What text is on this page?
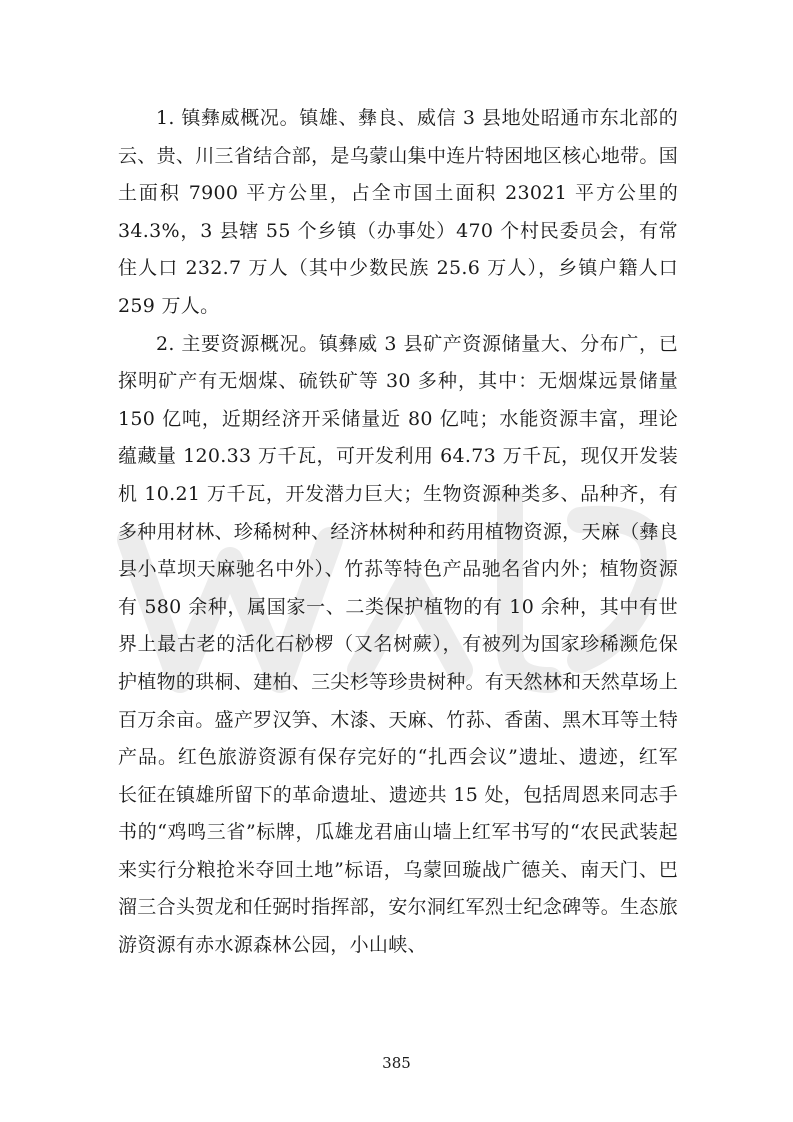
1. 镇彝威概况。镇雄、彝良、威信 3 县地处昭通市东北部的云、贵、川三省结合部，是乌蒙山集中连片特困地区核心地带。国土面积 7900 平方公里，占全市国土面积 23021 平方公里的 34.3%，3 县辖 55 个乡镇（办事处）470 个村民委员会，有常住人口 232.7 万人（其中少数民族 25.6 万人），乡镇户籍人口 259 万人。

2. 主要资源概况。镇彝威 3 县矿产资源储量大、分布广，已探明矿产有无烟煤、硫铁矿等 30 多种，其中：无烟煤远景储量 150 亿吨，近期经济开采储量近 80 亿吨；水能资源丰富，理论蕴藏量 120.33 万千瓦，可开发利用 64.73 万千瓦，现仅开发装机 10.21 万千瓦，开发潜力巨大；生物资源种类多、品种齐，有多种用材林、珍稀树种、经济林树种和药用植物资源，天麻（彝良县小草坝天麻驰名中外）、竹荪等特色产品驰名省内外；植物资源有 580 余种，属国家一、二类保护植物的有 10 余种，其中有世界上最古老的活化石桫椤（又名树蕨），有被列为国家珍稀濒危保护植物的珙桐、建柏、三尖杉等珍贵树种。有天然林和天然草场上百万余亩。盛产罗汉笋、木漆、天麻、竹荪、香菌、黑木耳等土特产品。红色旅游资源有保存完好的“扎西会议”遗址、遗迹，红军长征在镇雄所留下的革命遗址、遗迹共 15 处，包括周恩来同志手书的“鸡鸣三省”标牌，瓜雄龙君庙山墙上红军书写的“农民武装起来实行分粮抢米夺回土地”标语，乌蒙回璇战广德关、南天门、巴溜三合头贺龙和任弼时指挥部，安尔洞红军烈士纪念碑等。生态旅游资源有赤水源森林公园，小山峡、

385
